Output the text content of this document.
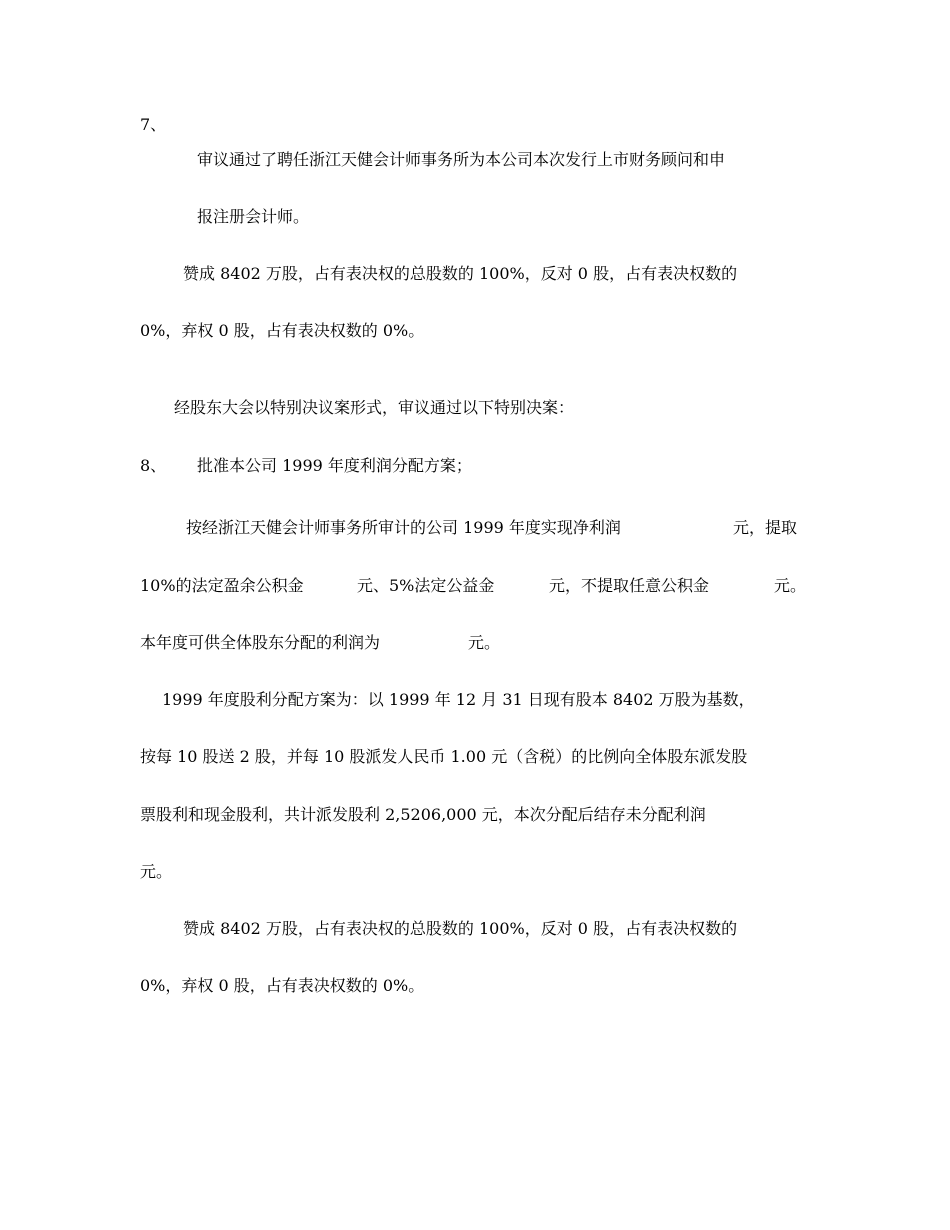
7、
审议通过了聘任浙江天健会计师事务所为本公司本次发行上市财务顾问和申
报注册会计师。
赞成 8402 万股，占有表决权的总股数的 100%，反对 0 股，占有表决权数的
0%，弃权 0 股，占有表决权数的 0%。
经股东大会以特别决议案形式，审议通过以下特别决案：
8、 批准本公司 1999 年度利润分配方案；
按经浙江天健会计师事务所审计的公司 1999 年度实现净利润	元，提取
10%的法定盈余公积金	元、5%法定公益金	元，不提取任意公积金	元。
本年度可供全体股东分配的利润为	元。
1999 年度股利分配方案为：以 1999 年 12 月 31 日现有股本 8402 万股为基数，
按每 10 股送 2 股，并每 10 股派发人民币 1.00 元（含税）的比例向全体股东派发股
票股利和现金股利，共计派发股利 2,5206,000 元，本次分配后结存未分配利润
元。
赞成 8402 万股，占有表决权的总股数的 100%，反对 0 股，占有表决权数的
0%，弃权 0 股，占有表决权数的 0%。
